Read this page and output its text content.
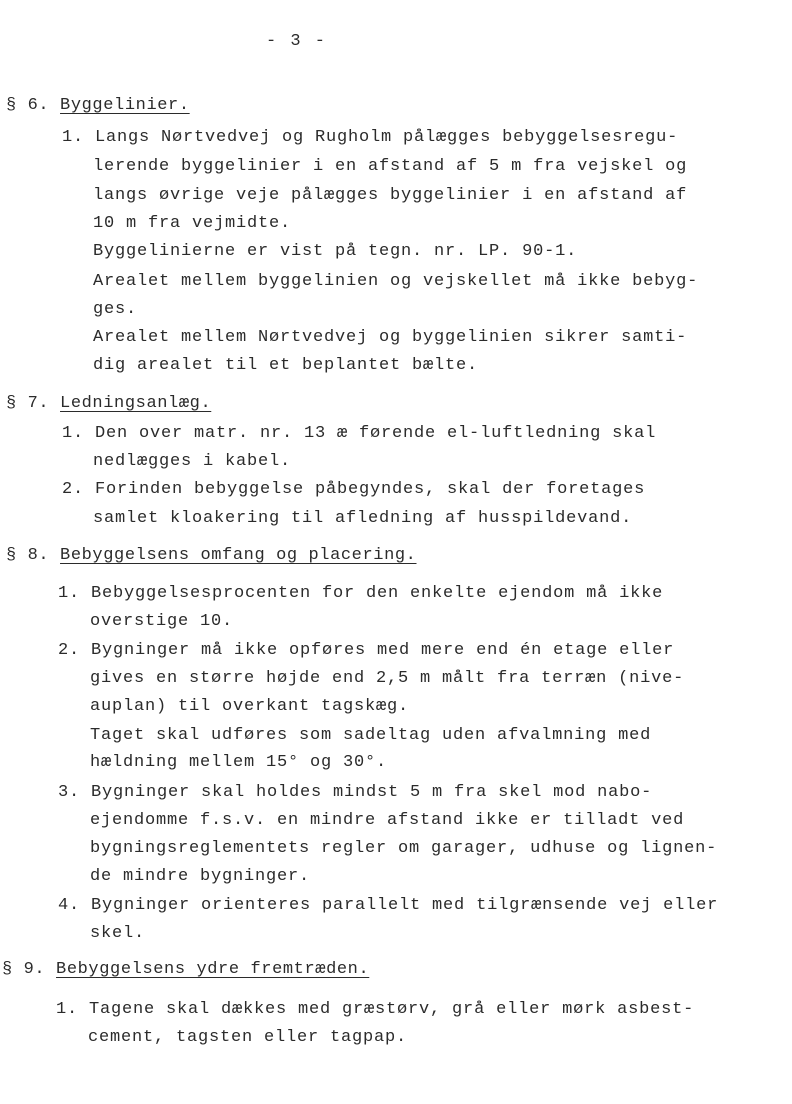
- 3 -
§ 6. Byggelinier.
1. Langs Nørtvedvej og Rugholm pålægges bebyggelsesregu-
lerende byggelinier i en afstand af 5 m fra vejskel og
langs øvrige veje pålægges byggelinier i en afstand af
10 m fra vejmidte.
Byggelinierne er vist på tegn. nr. LP. 90-1.
Arealet mellem byggelinien og vejskellet må ikke bebyg-
ges.
Arealet mellem Nørtvedvej og byggelinien sikrer samti-
dig arealet til et beplantet bælte.
§ 7. Ledningsanlæg.
1. Den over matr. nr. 13 æ førende el-luftledning skal
nedlægges i kabel.
2. Forinden bebyggelse påbegyndes, skal der foretages
samlet kloakering til afledning af husspildevand.
§ 8. Bebyggelsens omfang og placering.
1. Bebyggelsesprocenten for den enkelte ejendom må ikke
overstige 10.
2. Bygninger må ikke opføres med mere end én etage eller
gives en større højde end 2,5 m målt fra terræn (nive-
auplan) til overkant tagskæg.
Taget skal udføres som sadeltag uden afvalmning med
hældning mellem 15° og 30°.
3. Bygninger skal holdes mindst 5 m fra skel mod nabo-
ejendomme f.s.v. en mindre afstand ikke er tilladt ved
bygningsreglementets regler om garager, udhuse og lignen-
de mindre bygninger.
4. Bygninger orienteres parallelt med tilgrænsende vej eller
skel.
§ 9. Bebyggelsens ydre fremtræden.
1. Tagene skal dækkes med græstørv, grå eller mørk asbest-
cement, tagsten eller tagpap.
